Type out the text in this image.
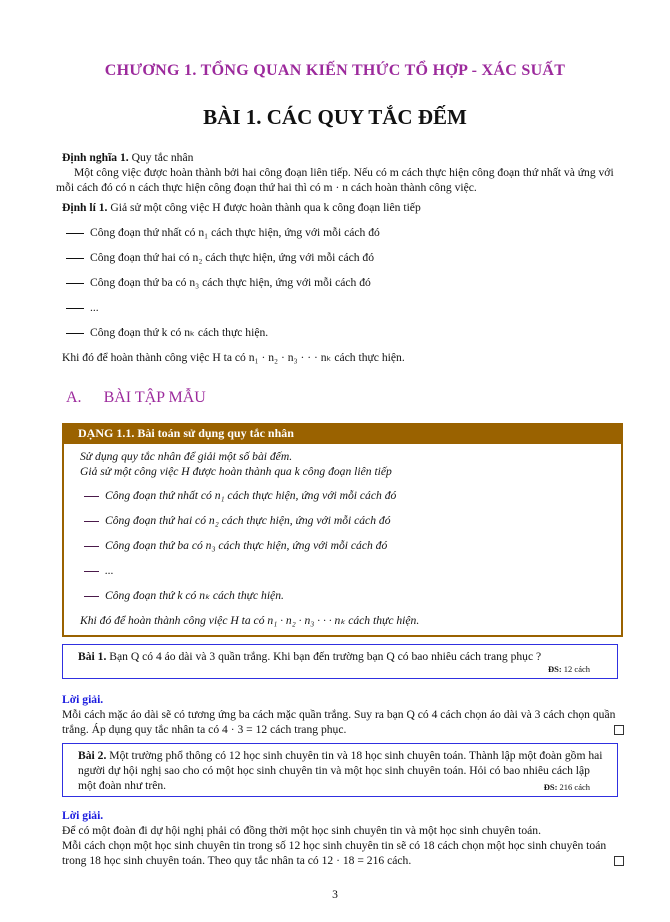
CHƯƠNG 1. TỔNG QUAN KIẾN THỨC TỔ HỢP - XÁC SUẤT
BÀI 1. CÁC QUY TẮC ĐẾM
Định nghĩa 1. Quy tắc nhân
Một công việc được hoàn thành bởi hai công đoạn liên tiếp. Nếu có m cách thực hiện công đoạn thứ nhất và ứng với mỗi cách đó có n cách thực hiện công đoạn thứ hai thì có m · n cách hoàn thành công việc.
Định lí 1. Giả sử một công việc H được hoàn thành qua k công đoạn liên tiếp
Công đoạn thứ nhất có n₁ cách thực hiện, ứng với mỗi cách đó
Công đoạn thứ hai có n₂ cách thực hiện, ứng với mỗi cách đó
Công đoạn thứ ba có n₃ cách thực hiện, ứng với mỗi cách đó
...
Công đoạn thứ k có nₖ cách thực hiện.
Khi đó để hoàn thành công việc H ta có n₁ · n₂ · n₃ · · · nₖ cách thực hiện.
A. BÀI TẬP MẪU
DẠNG 1.1. Bài toán sử dụng quy tắc nhân
Sử dụng quy tắc nhân để giải một số bài đếm.
Giả sử một công việc H được hoàn thành qua k công đoạn liên tiếp
Công đoạn thứ nhất có n₁ cách thực hiện, ứng với mỗi cách đó
Công đoạn thứ hai có n₂ cách thực hiện, ứng với mỗi cách đó
Công đoạn thứ ba có n₃ cách thực hiện, ứng với mỗi cách đó
...
Công đoạn thứ k có nₖ cách thực hiện.
Khi đó để hoàn thành công việc H ta có n₁ · n₂ · n₃ · · · nₖ cách thực hiện.
Bài 1. Bạn Q có 4 áo dài và 3 quần trắng. Khi bạn đến trường bạn Q có bao nhiêu cách trang phục ?
ĐS: 12 cách
Lời giải.
Mỗi cách mặc áo dài sẽ có tương ứng ba cách mặc quần trắng. Suy ra bạn Q có 4 cách chọn áo dài và 3 cách chọn quần trắng. Áp dụng quy tắc nhân ta có 4 · 3 = 12 cách trang phục.
Bài 2. Một trường phổ thông có 12 học sinh chuyên tin và 18 học sinh chuyên toán. Thành lập một đoàn gồm hai người dự hội nghị sao cho có một học sinh chuyên tin và một học sinh chuyên toán. Hỏi có bao nhiêu cách lập một đoàn như trên.	ĐS: 216 cách
Lời giải.
Để có một đoàn đi dự hội nghị phải có đồng thời một học sinh chuyên tin và một học sinh chuyên toán.
Mỗi cách chọn một học sinh chuyên tin trong số 12 học sinh chuyên tin sẽ có 18 cách chọn một học sinh chuyên toán trong 18 học sinh chuyên toán. Theo quy tắc nhân ta có 12 · 18 = 216 cách.
3
